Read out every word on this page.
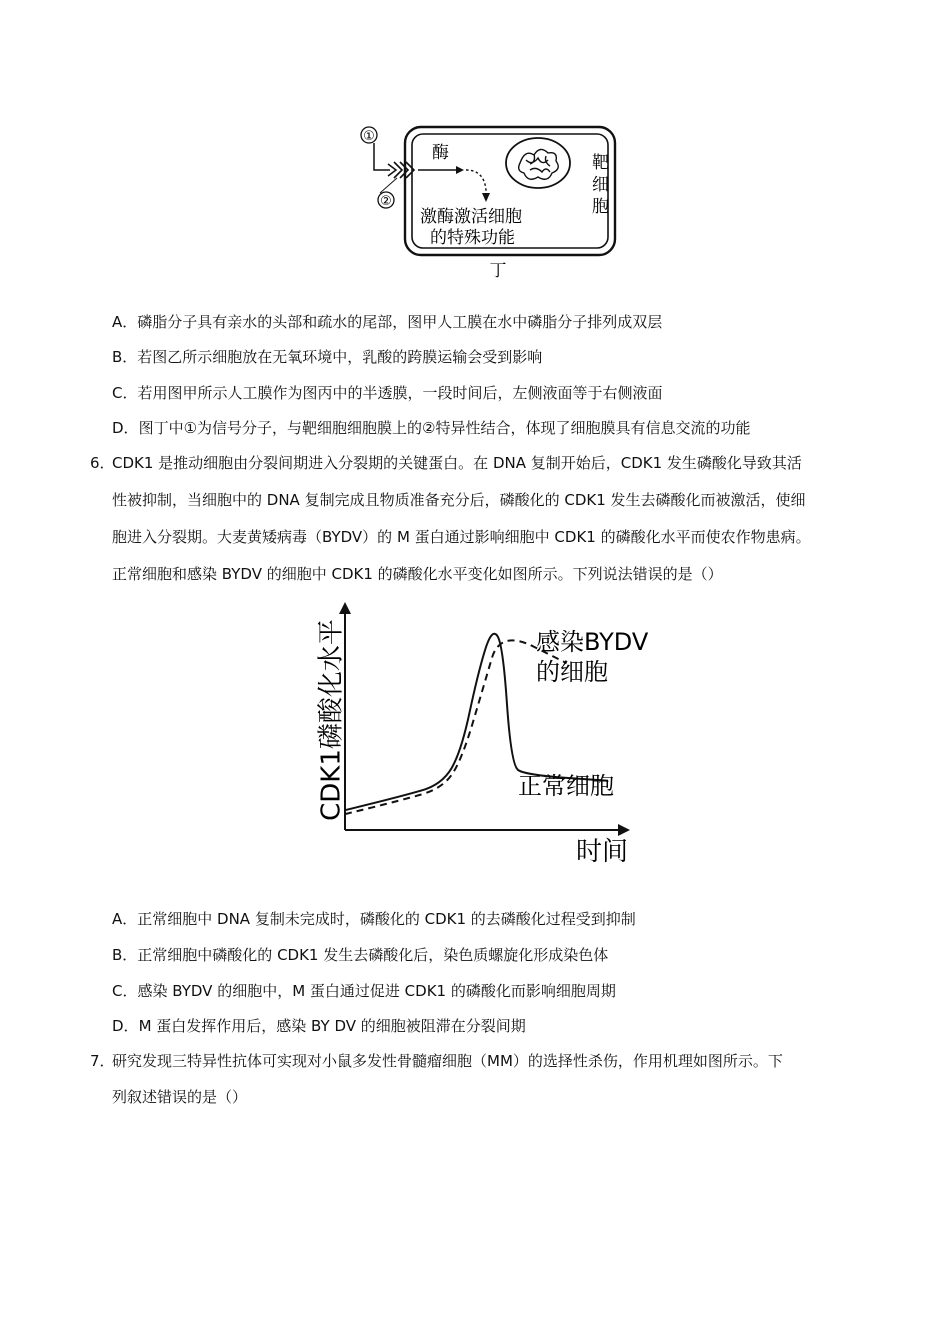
①
②
酶
激酶激活细胞
的特殊功能
靶
细
胞
丁
A．磷脂分子具有亲水的头部和疏水的尾部，图甲人工膜在水中磷脂分子排列成双层
B．若图乙所示细胞放在无氧环境中，乳酸的跨膜运输会受到影响
C．若用图甲所示人工膜作为图丙中的半透膜，一段时间后，左侧液面等于右侧液面
D．图丁中①为信号分子，与靶细胞细胞膜上的②特异性结合，体现了细胞膜具有信息交流的功能
6．
CDK1 是推动细胞由分裂间期进入分裂期的关键蛋白。在 DNA 复制开始后，CDK1 发生磷酸化导致其活
性被抑制，当细胞中的 DNA 复制完成且物质准备充分后，磷酸化的 CDK1 发生去磷酸化而被激活，使细
胞进入分裂期。大麦黄矮病毒（BYDV）的 M 蛋白通过影响细胞中 CDK1 的磷酸化水平而使农作物患病。
正常细胞和感染 BYDV 的细胞中 CDK1 的磷酸化水平变化如图所示。下列说法错误的是（）
CDK1磷酸化水平
时间
感染BYDV
的细胞
正常细胞
A．正常细胞中 DNA 复制未完成时，磷酸化的 CDK1 的去磷酸化过程受到抑制
B．正常细胞中磷酸化的 CDK1 发生去磷酸化后，染色质螺旋化形成染色体
C．感染 BYDV 的细胞中，M 蛋白通过促进 CDK1 的磷酸化而影响细胞周期
D．M 蛋白发挥作用后，感染 BY DV 的细胞被阻滞在分裂间期
7．
研究发现三特异性抗体可实现对小鼠多发性骨髓瘤细胞（MM）的选择性杀伤，作用机理如图所示。下
列叙述错误的是（）
